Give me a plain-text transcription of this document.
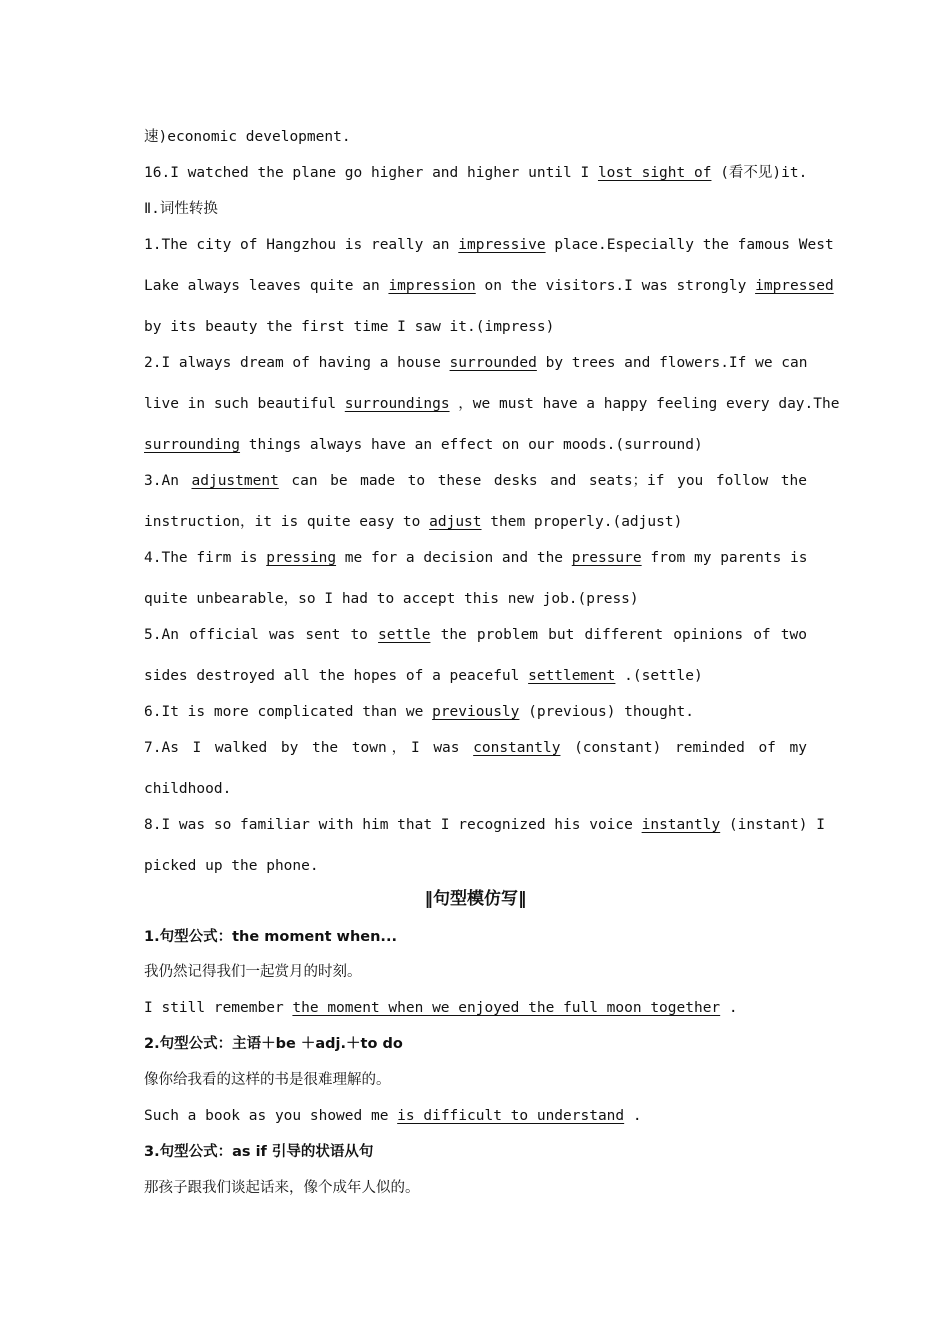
速)economic development.
16.I watched the plane go higher and higher until I lost sight of (看不见)it.
Ⅱ.词性转换
1.The city of Hangzhou is really an impressive place.Especially the famous West
Lake always leaves quite an impression on the visitors.I was strongly impressed
by its beauty the first time I saw it.(impress)
2.I always dream of having a house surrounded by trees and flowers.If we can
live in such beautiful surroundings ，we must have a happy feeling every day.The
surrounding things always have an effect on our moods.(surround)
3.An adjustment can be made to these desks and seats；if you follow the
instruction，it is quite easy to adjust them properly.(adjust)
4.The firm is pressing me for a decision and the pressure from my parents is
quite unbearable，so I had to accept this new job.(press)
5.An official was sent to settle the problem but different opinions of two
sides destroyed all the hopes of a peaceful settlement .(settle)
6.It is more complicated than we previously (previous) thought.
7.As I walked by the town，I was constantly (constant) reminded of my
childhood.
8.I was so familiar with him that I recognized his voice instantly (instant) I
picked up the phone.
‖句型模仿写‖
1.句型公式：the moment when...
我仍然记得我们一起赏月的时刻。
I still remember the moment when we enjoyed the full moon together .
2.句型公式：主语＋be ＋adj.＋to do
像你给我看的这样的书是很难理解的。
Such a book as you showed me is difficult to understand .
3.句型公式：as if 引导的状语从句
那孩子跟我们谈起话来，像个成年人似的。
